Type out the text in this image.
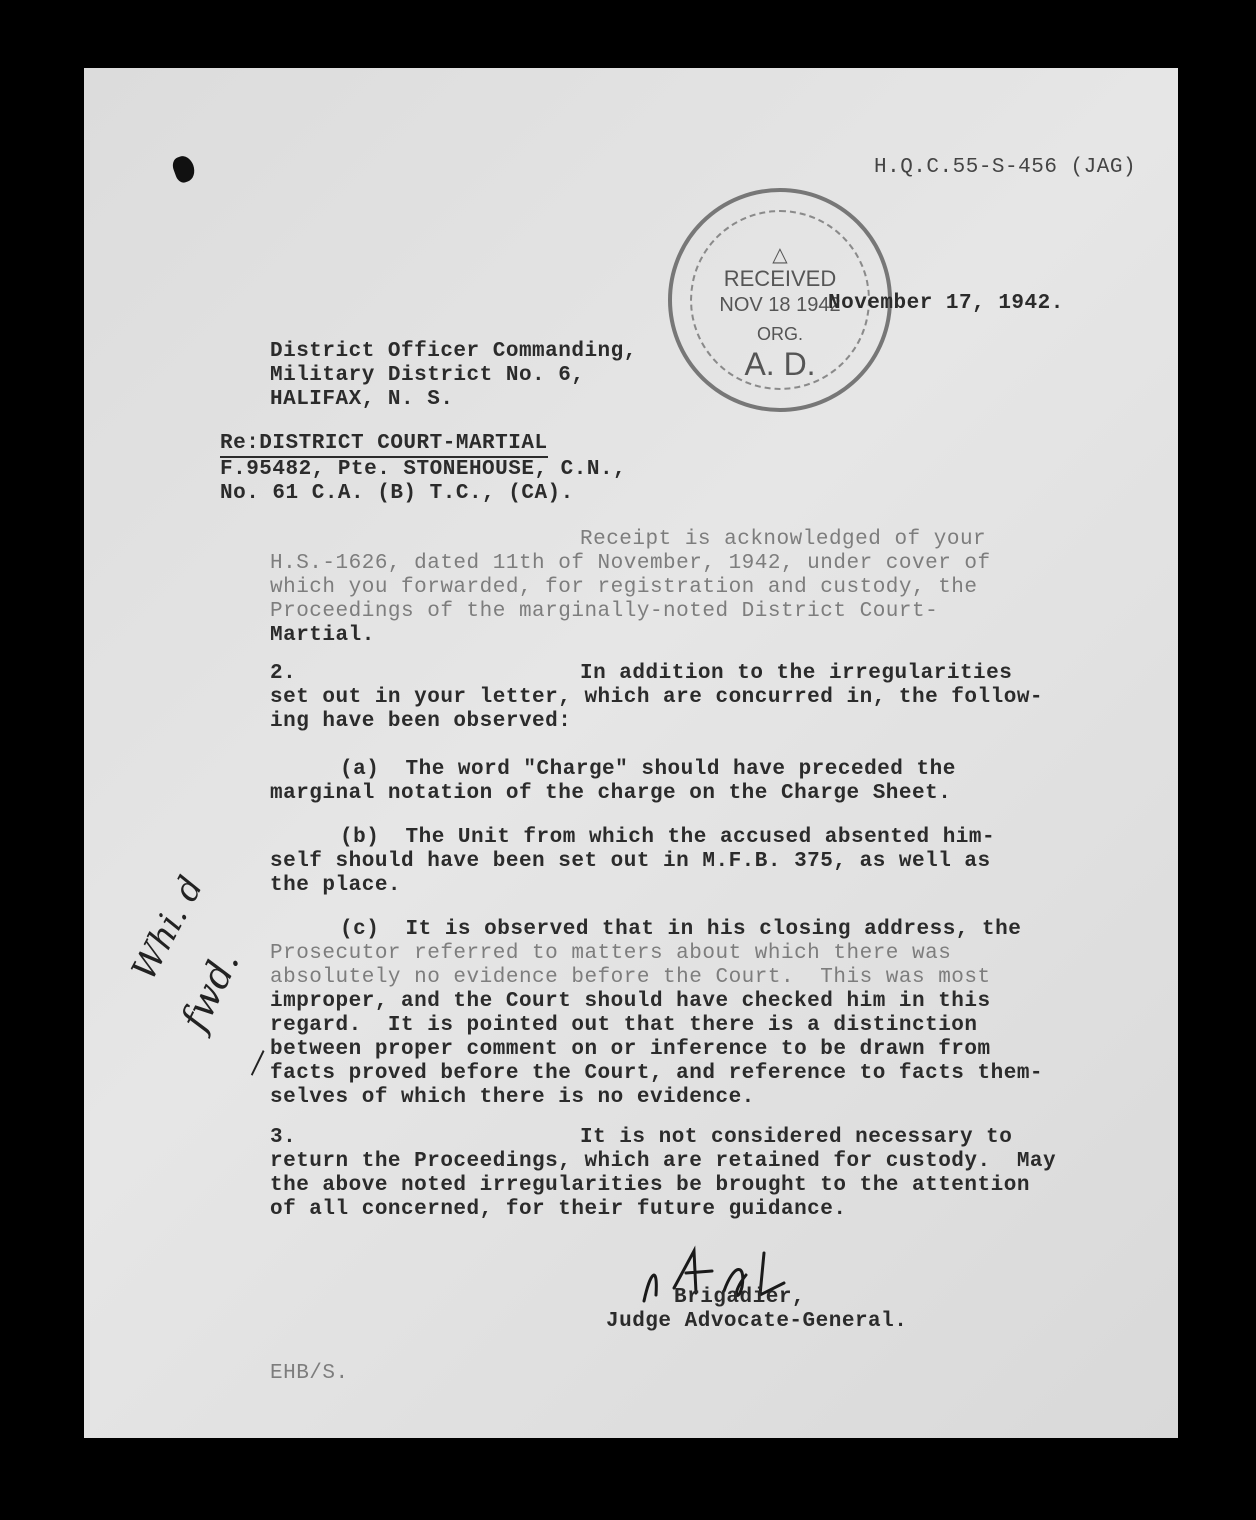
H.Q.C.55-S-456 (JAG)
△
RECEIVED
NOV 18 1942
ORG.
A. D.
November 17, 1942.
District Officer Commanding,
Military District No. 6,
HALIFAX, N. S.
Re:DISTRICT COURT-MARTIAL
F.95482, Pte. STONEHOUSE, C.N.,
No. 61 C.A. (B) T.C., (CA).
Receipt is acknowledged of your
H.S.-1626, dated 11th of November, 1942, under cover of
which you forwarded, for registration and custody, the
Proceedings of the marginally-noted District Court-
Martial.
2.	In addition to the irregularities
set out in your letter, which are concurred in, the follow-
ing have been observed:
(a)  The word "Charge" should have preceded the
marginal notation of the charge on the Charge Sheet.
(b)  The Unit from which the accused absented him-
self should have been set out in M.F.B. 375, as well as
the place.
(c)  It is observed that in his closing address, the
Prosecutor referred to matters about which there was
absolutely no evidence before the Court.  This was most
improper, and the Court should have checked him in this
regard.  It is pointed out that there is a distinction
between proper comment on or inference to be drawn from
facts proved before the Court, and reference to facts them-
selves of which there is no evidence.
3.	It is not considered necessary to
return the Proceedings, which are retained for custody.  May
the above noted irregularities be brought to the attention
of all concerned, for their future guidance.
Whi. d
fwd.
—
Brigadier,
Judge Advocate-General.
EHB/S.
